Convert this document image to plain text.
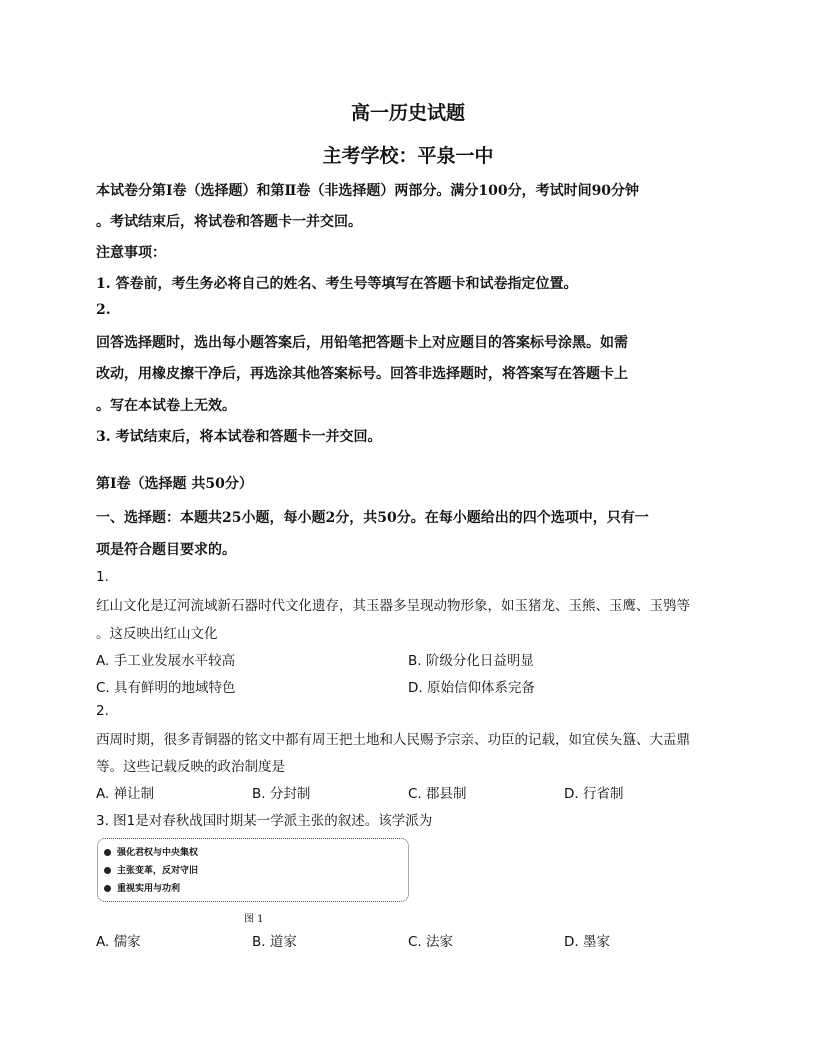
高一历史试题
主考学校：平泉一中
本试卷分第Ⅰ卷（选择题）和第Ⅱ卷（非选择题）两部分。满分100分，考试时间90分钟
。考试结束后，将试卷和答题卡一并交回。
注意事项：
1. 答卷前，考生务必将自己的姓名、考生号等填写在答题卡和试卷指定位置。
2.
回答选择题时，选出每小题答案后，用铅笔把答题卡上对应题目的答案标号涂黑。如需
改动，用橡皮擦干净后，再选涂其他答案标号。回答非选择题时，将答案写在答题卡上
。写在本试卷上无效。
3. 考试结束后，将本试卷和答题卡一并交回。
第Ⅰ卷（选择题 共50分）
一、选择题：本题共25小题，每小题2分，共50分。在每小题给出的四个选项中，只有一
项是符合题目要求的。
1.
红山文化是辽河流域新石器时代文化遗存，其玉器多呈现动物形象，如玉猪龙、玉熊、玉鹰、玉鸮等
。这反映出红山文化
A. 手工业发展水平较高	B. 阶级分化日益明显
C. 具有鲜明的地域特色	D. 原始信仰体系完备
2.
西周时期，很多青铜器的铭文中都有周王把土地和人民赐予宗亲、功臣的记载，如宜侯夨簋、大盂鼎
等。这些记载反映的政治制度是
A. 禅让制	B. 分封制	C. 郡县制	D. 行省制
3. 图1是对春秋战国时期某一学派主张的叙述。该学派为
强化君权与中央集权
主张变革，反对守旧
重视实用与功利
图 1
A. 儒家	B. 道家	C. 法家	D. 墨家
